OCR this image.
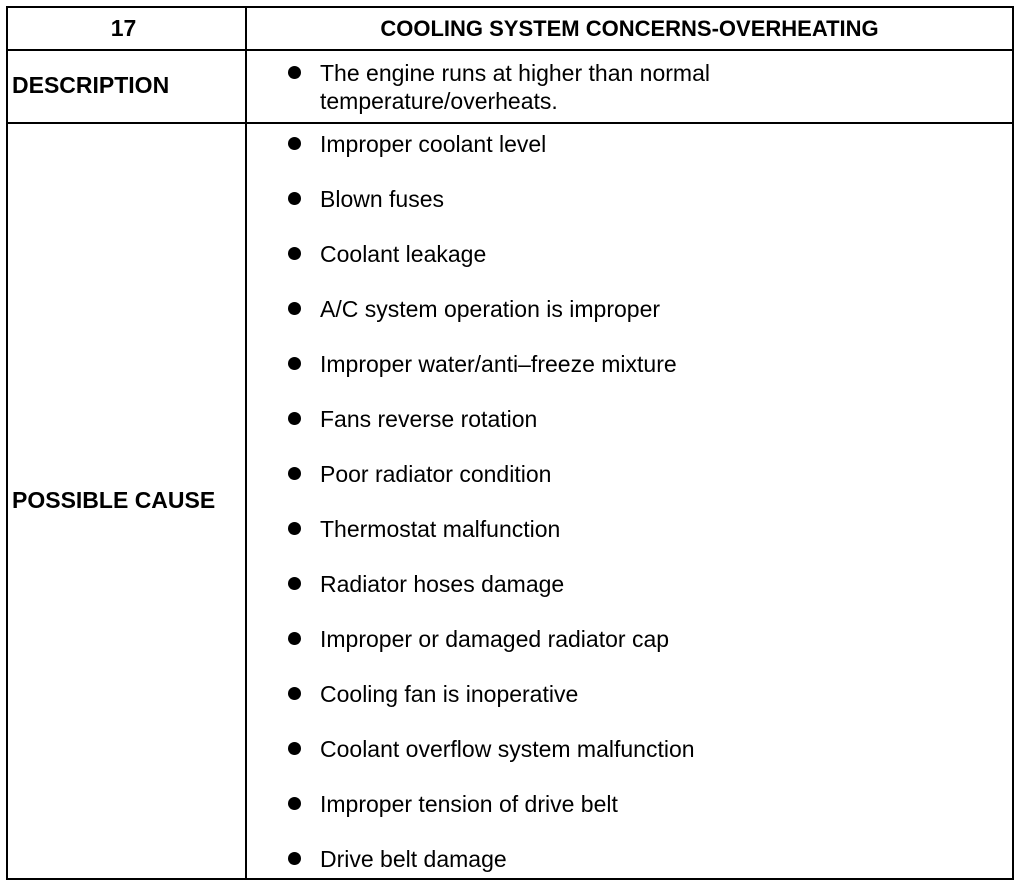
17	COOLING SYSTEM CONCERNS-OVERHEATING
DESCRIPTION
POSSIBLE CAUSE
The engine runs at higher than normal temperature/overheats.
Improper coolant level
Blown fuses
Coolant leakage
A/C system operation is improper
Improper water/anti–freeze mixture
Fans reverse rotation
Poor radiator condition
Thermostat malfunction
Radiator hoses damage
Improper or damaged radiator cap
Cooling fan is inoperative
Coolant overflow system malfunction
Improper tension of drive belt
Drive belt damage
